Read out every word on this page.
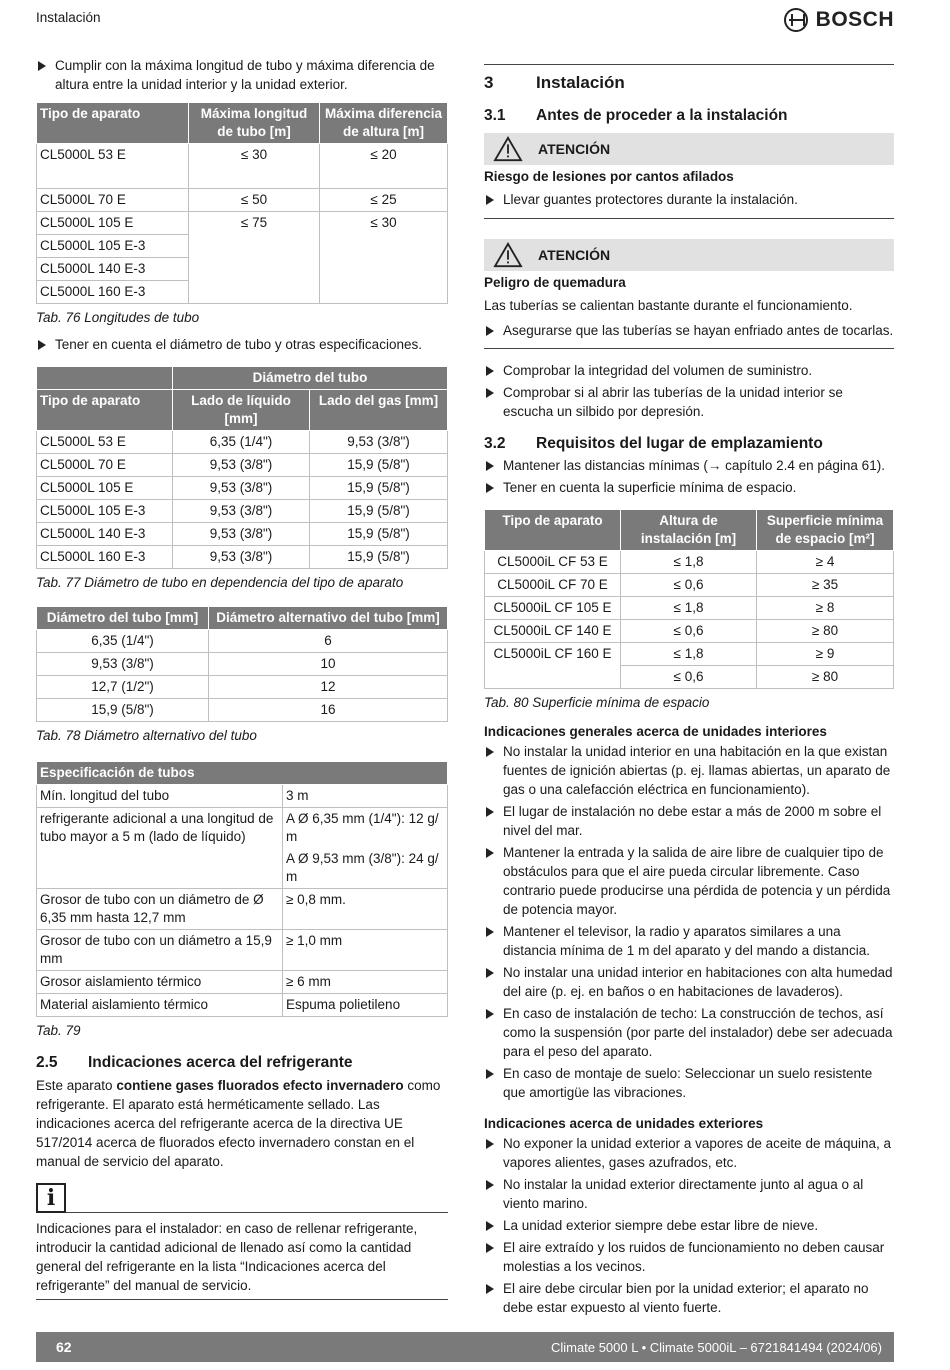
Instalación	BOSCH
Cumplir con la máxima longitud de tubo y máxima diferencia de altura entre la unidad interior y la unidad exterior.
Tipo de aparato	Máxima longitud de tubo [m]	Máxima diferencia de altura [m]
CL5000L 53 E	≤ 30	≤ 20
CL5000L 70 E	≤ 50	≤ 25
CL5000L 105 E	≤ 75	≤ 30
CL5000L 105 E-3		
CL5000L 140 E-3		
CL5000L 160 E-3		
Tab. 76 Longitudes de tubo
Tener en cuenta el diámetro de tubo y otras especificaciones.
	Diámetro del tubo	
Tipo de aparato	Lado de líquido [mm]	Lado del gas [mm]
CL5000L 53 E	6,35 (1/4")	9,53 (3/8")
CL5000L 70 E	9,53 (3/8")	15,9 (5/8")
CL5000L 105 E	9,53 (3/8")	15,9 (5/8")
CL5000L 105 E-3	9,53 (3/8")	15,9 (5/8")
CL5000L 140 E-3	9,53 (3/8")	15,9 (5/8")
CL5000L 160 E-3	9,53 (3/8")	15,9 (5/8")
Tab. 77 Diámetro de tubo en dependencia del tipo de aparato
Diámetro del tubo [mm]	Diámetro alternativo del tubo [mm]
6,35 (1/4")	6
9,53 (3/8")	10
12,7 (1/2")	12
15,9 (5/8")	16
Tab. 78 Diámetro alternativo del tubo
Especificación de tubos	
Mín. longitud del tubo	3 m
refrigerante adicional a una longitud de tubo mayor a 5 m (lado de líquido)	A Ø 6,35 mm (1/4"): 12 g/ m
A Ø 9,53 mm (3/8"): 24 g/ m

Grosor de tubo con un diámetro de Ø 6,35 mm hasta 12,7 mm	≥ 0,8 mm.
Grosor de tubo con un diámetro a 15,9 mm	≥ 1,0 mm
Grosor aislamiento térmico	≥ 6 mm
Material aislamiento térmico	Espuma polietileno
Tab. 79
2.5	Indicaciones acerca del refrigerante
Este aparato contiene gases fluorados efecto invernadero como refrigerante. El aparato está herméticamente sellado. Las indicaciones acerca del refrigerante acerca de la directiva UE 517/2014 acerca de fluorados efecto invernadero constan en el manual de servicio del aparato.
i
Indicaciones para el instalador: en caso de rellenar refrigerante, introducir la cantidad adicional de llenado así como la cantidad general del refrigerante en la lista “Indicaciones acerca del refrigerante” del manual de servicio.
3	Instalación
3.1	Antes de proceder a la instalación
ATENCIÓN
Riesgo de lesiones por cantos afilados
Llevar guantes protectores durante la instalación.
ATENCIÓN
Peligro de quemadura
Las tuberías se calientan bastante durante el funcionamiento.
Asegurarse que las tuberías se hayan enfriado antes de tocarlas.
Comprobar la integridad del volumen de suministro.
Comprobar si al abrir las tuberías de la unidad interior se escucha un silbido por depresión.
3.2	Requisitos del lugar de emplazamiento
Mantener las distancias mínimas (→ capítulo 2.4 en página 61).
Tener en cuenta la superficie mínima de espacio.
Tipo de aparato	Altura de instalación [m]	Superficie mínima de espacio [m²]
CL5000iL CF 53 E	≤ 1,8	≥ 4
CL5000iL CF 70 E	≤ 0,6	≥ 35
CL5000iL CF 105 E	≤ 1,8	≥ 8
CL5000iL CF 140 E	≤ 0,6	≥ 80
CL5000iL CF 160 E	≤ 1,8	≥ 9
	≤ 0,6	≥ 80
Tab. 80 Superficie mínima de espacio
Indicaciones generales acerca de unidades interiores
No instalar la unidad interior en una habitación en la que existan fuentes de ignición abiertas (p. ej. llamas abiertas, un aparato de gas o una calefacción eléctrica en funcionamiento).
El lugar de instalación no debe estar a más de 2000 m sobre el nivel del mar.
Mantener la entrada y la salida de aire libre de cualquier tipo de obstáculos para que el aire pueda circular libremente. Caso contrario puede producirse una pérdida de potencia y un pérdida de potencia mayor.
Mantener el televisor, la radio y aparatos similares a una distancia mínima de 1 m del aparato y del mando a distancia.
No instalar una unidad interior en habitaciones con alta humedad del aire (p. ej. en baños o en habitaciones de lavaderos).
En caso de instalación de techo: La construcción de techos, así como la suspensión (por parte del instalador) debe ser adecuada para el peso del aparato.
En caso de montaje de suelo: Seleccionar un suelo resistente que amortigüe las vibraciones.
Indicaciones acerca de unidades exteriores
No exponer la unidad exterior a vapores de aceite de máquina, a vapores alientes, gases azufrados, etc.
No instalar la unidad exterior directamente junto al agua o al viento marino.
La unidad exterior siempre debe estar libre de nieve.
El aire extraído y los ruidos de funcionamiento no deben causar molestias a los vecinos.
El aire debe circular bien por la unidad exterior; el aparato no debe estar expuesto al viento fuerte.
62	Climate 5000 L • Climate 5000iL – 6721841494 (2024/06)
